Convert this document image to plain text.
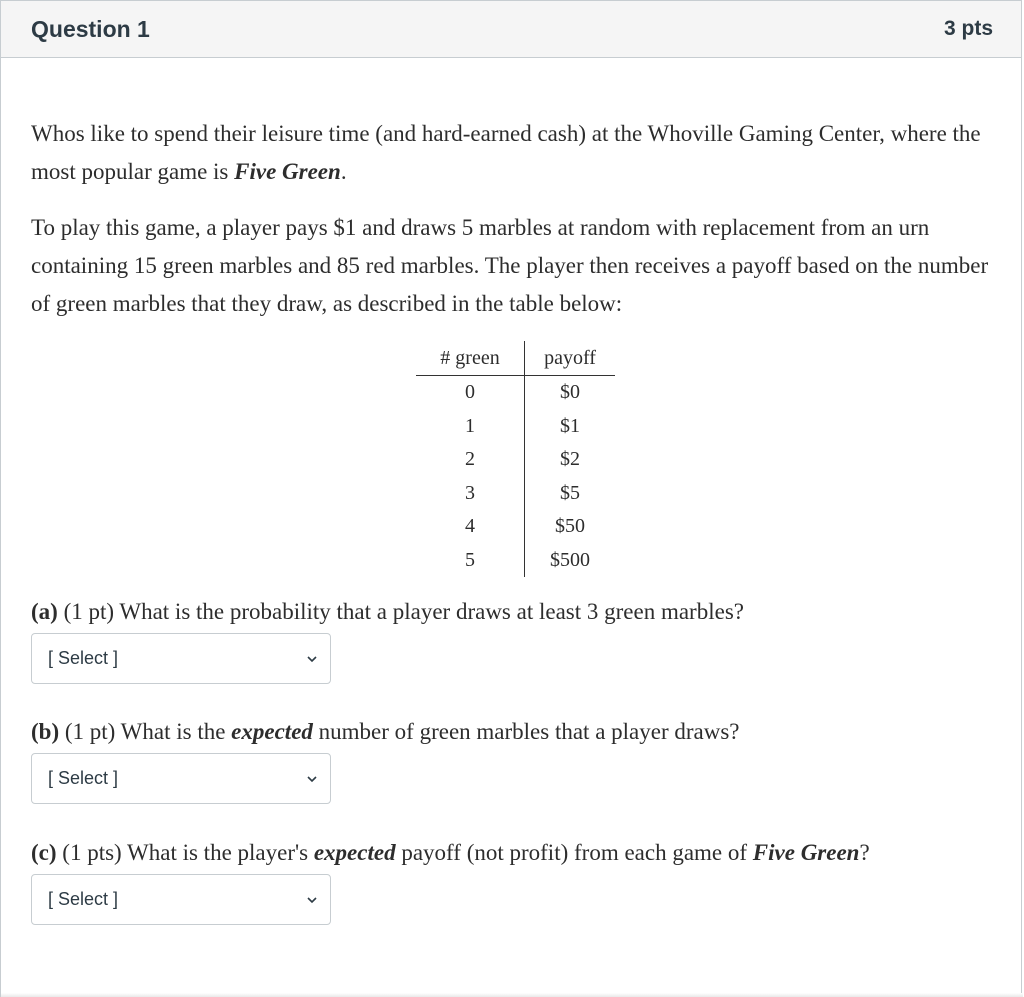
Question 1	3 pts

Whos like to spend their leisure time (and hard-earned cash) at the Whoville Gaming Center, where the most popular game is Five Green.

To play this game, a player pays $1 and draws 5 marbles at random with replacement from an urn containing 15 green marbles and 85 red marbles. The player then receives a payoff based on the number of green marbles that they draw, as described in the table below:

# green	payoff
0	$0
1	$1
2	$2
3	$5
4	$50
5	$500

(a) (1 pt) What is the probability that a player draws at least 3 green marbles?

[ Select ]

(b) (1 pt) What is the expected number of green marbles that a player draws?

[ Select ]

(c) (1 pts) What is the player's expected payoff (not profit) from each game of Five Green?

[ Select ]
